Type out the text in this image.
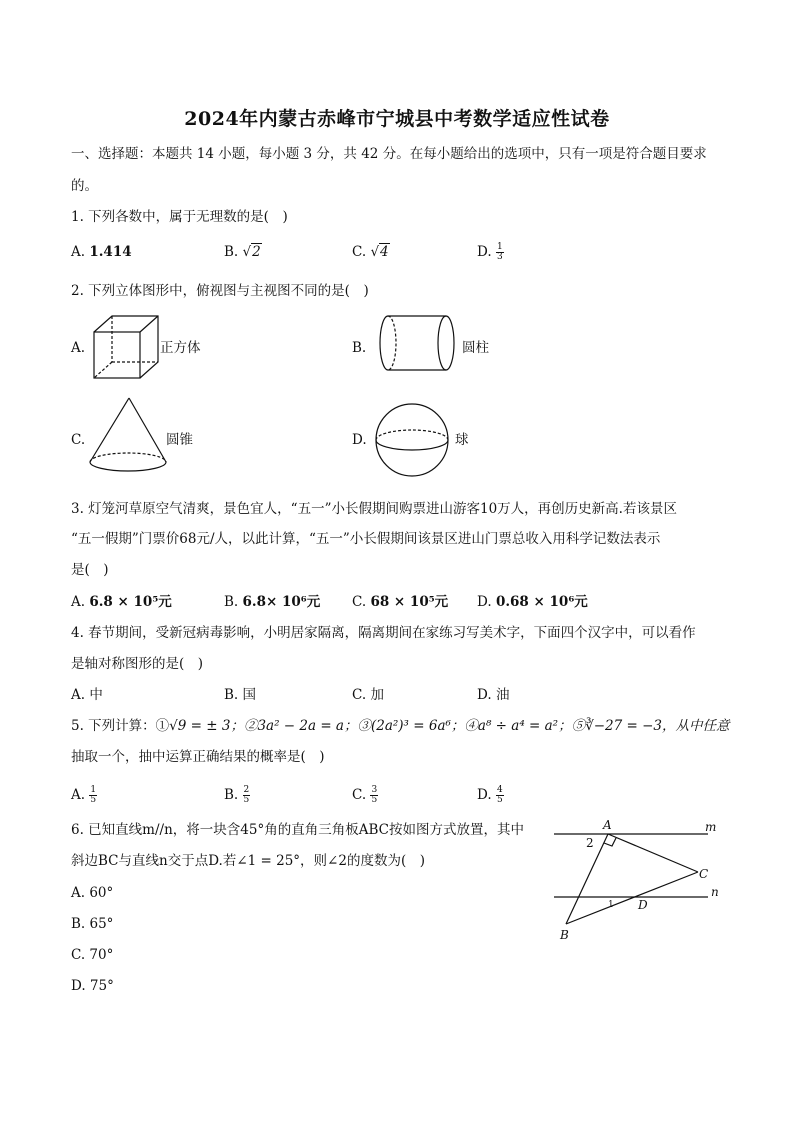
2024年内蒙古赤峰市宁城县中考数学适应性试卷
一、选择题：本题共 14 小题，每小题 3 分，共 42 分。在每小题给出的选项中，只有一项是符合题目要求
的。
1. 下列各数中，属于无理数的是(　)
A. 1.414	B. √2	C. √4	D. $\frac{1}{3}$
2. 下列立体图形中，俯视图与主视图不同的是(　)
A.	正方体	B.	圆柱
C.	圆锥	D.	球
3. 灯笼河草原空气清爽，景色宜人，“五一”小长假期间购票进山游客10万人，再创历史新高.若该景区
“五一假期”门票价68元/人，以此计算，“五一”小长假期间该景区进山门票总收入用科学记数法表示
是(　)
A. 6.8 × 10⁵元	B. 6.8× 10⁶元 C. 68 × 10⁵元 D. 0.68 × 10⁶元
4. 春节期间，受新冠病毒影响，小明居家隔离，隔离期间在家练习写美术字，下面四个汉字中，可以看作
是轴对称图形的是(　)
A. 中	B. 国	C. 加	D. 油
5. 下列计算：①√9 = ± 3；②3a² − 2a = a；③(2a²)³ = 6a⁶；④a⁸ ÷ a⁴ = a²；⑤∛−27 = −3，从中任意
抽取一个，抽中运算正确结果的概率是(　)
A. $\frac{1}{5}$	B. $\frac{2}{5}$	C. $\frac{3}{5}$	D. $\frac{4}{5}$
6. 已知直线m//n，将一块含45°角的直角三角板ABC按如图方式放置，其中
斜边BC与直线n交于点D.若∠1 = 25°，则∠2的度数为(　)
A. 60°
B. 65°
C. 70°
D. 75°
A	m
2
C
n
1 D
B
